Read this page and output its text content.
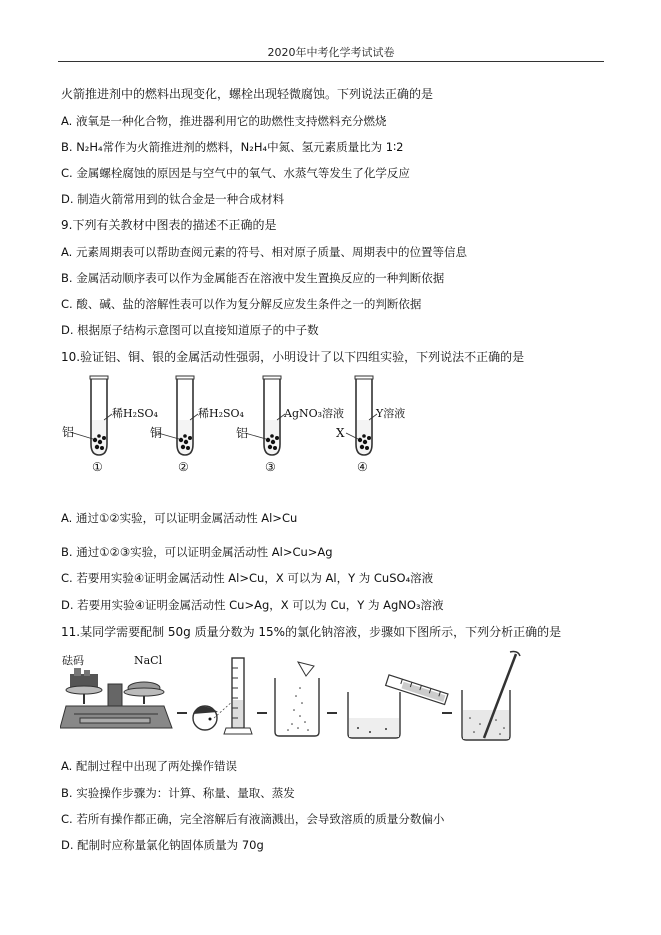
2020年中考化学考试试卷
火箭推进剂中的燃料出现变化，螺栓出现轻微腐蚀。下列说法正确的是
A. 液氧是一种化合物，推进器利用它的助燃性支持燃料充分燃烧
B. N₂H₄常作为火箭推进剂的燃料，N₂H₄中氮、氢元素质量比为 1∶2
C. 金属螺栓腐蚀的原因是与空气中的氧气、水蒸气等发生了化学反应
D. 制造火箭常用到的钛合金是一种合成材料
9.下列有关教材中图表的描述不正确的是
A. 元素周期表可以帮助查阅元素的符号、相对原子质量、周期表中的位置等信息
B. 金属活动顺序表可以作为金属能否在溶液中发生置换反应的一种判断依据
C. 酸、碱、盐的溶解性表可以作为复分解反应发生条件之一的判断依据
D. 根据原子结构示意图可以直接知道原子的中子数
10.验证铝、铜、银的金属活动性强弱，小明设计了以下四组实验，下列说法不正确的是
铝
稀H₂SO₄
①
铜
稀H₂SO₄
②
铝
AgNO₃溶液
③
X
Y溶液
④
A. 通过①②实验，可以证明金属活动性 Al>Cu
B. 通过①②③实验，可以证明金属活动性 Al>Cu>Ag
C. 若要用实验④证明金属活动性 Al>Cu，X 可以为 Al，Y 为 CuSO₄溶液
D. 若要用实验④证明金属活动性 Cu>Ag，X 可以为 Cu，Y 为 AgNO₃溶液
11.某同学需要配制 50g 质量分数为 15%的氯化钠溶液，步骤如下图所示，下列分析正确的是
砝码	NaCl
A. 配制过程中出现了两处操作错误
B. 实验操作步骤为：计算、称量、量取、蒸发
C. 若所有操作都正确，完全溶解后有液滴溅出，会导致溶质的质量分数偏小
D. 配制时应称量氯化钠固体质量为 70g
